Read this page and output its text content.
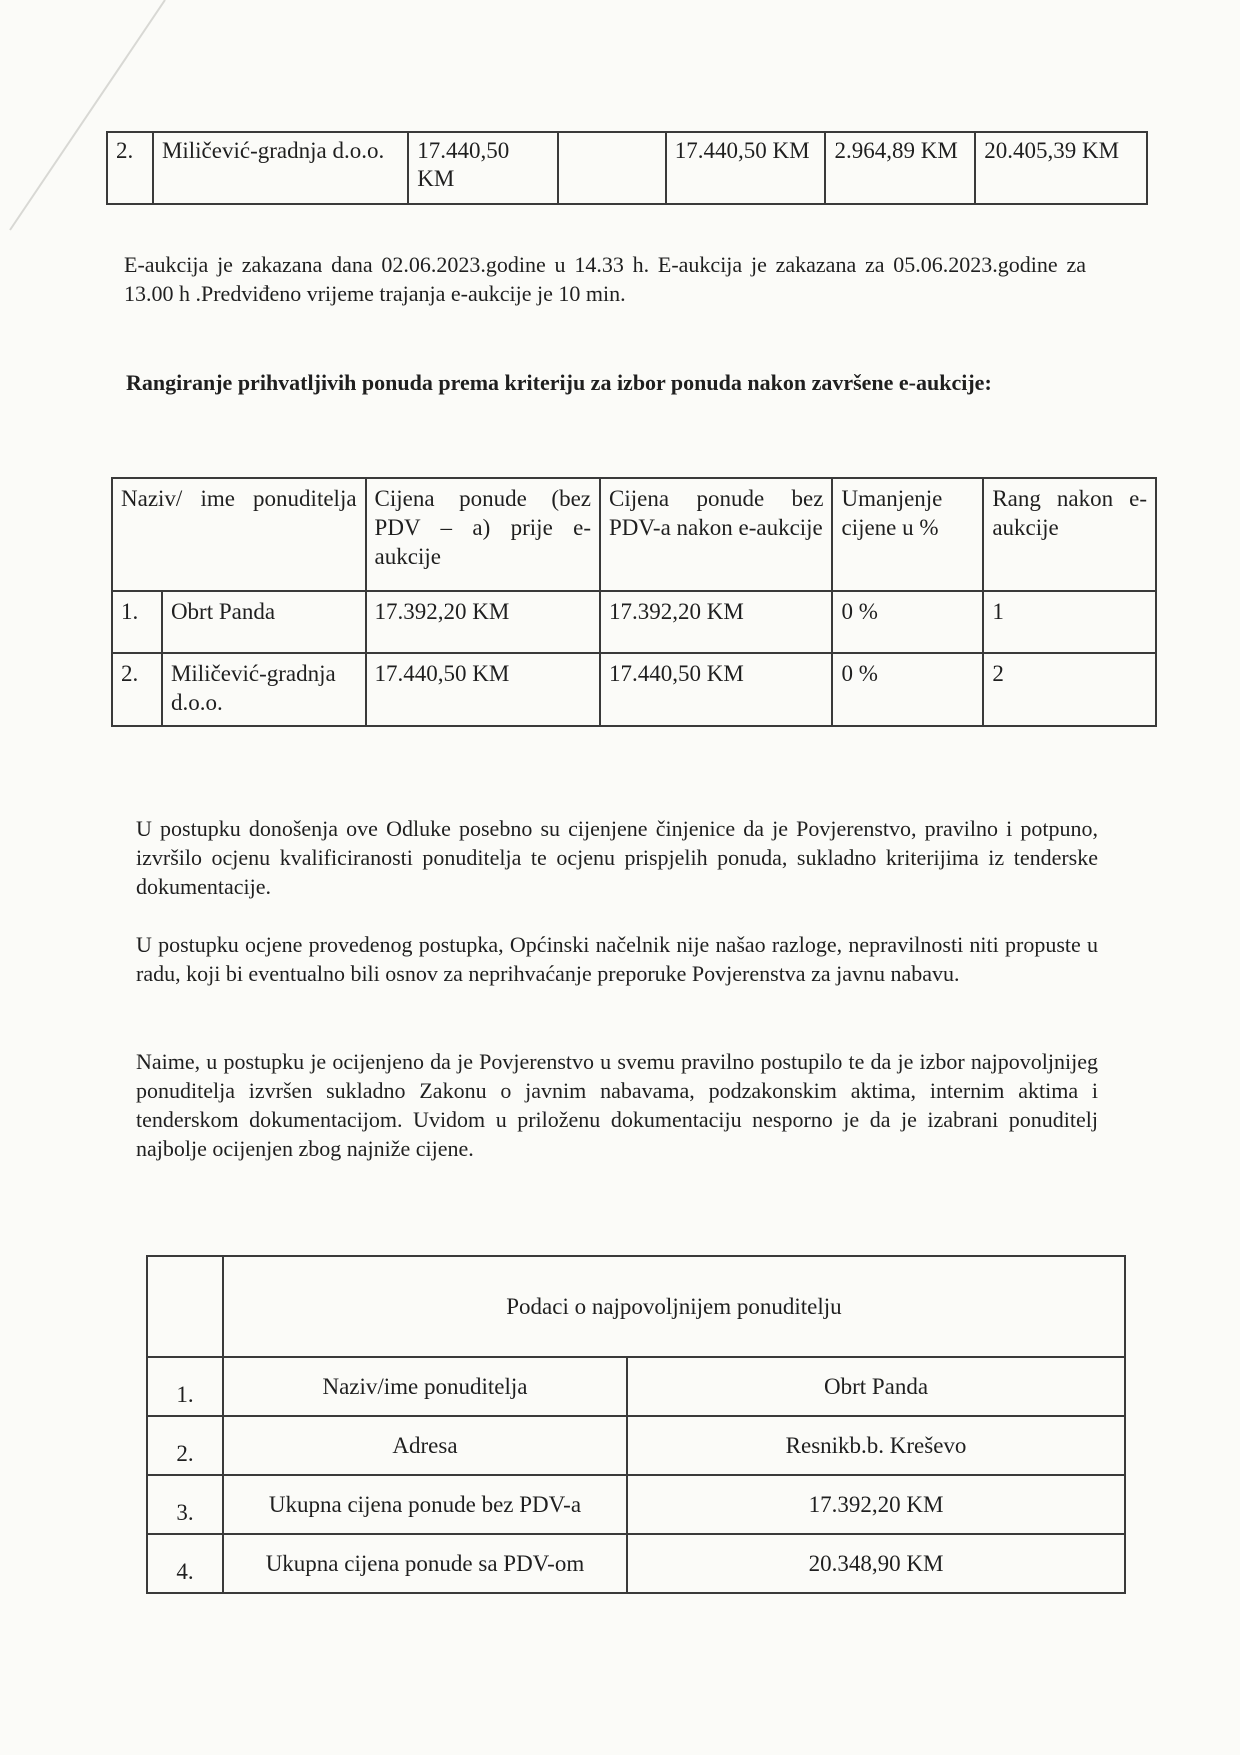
2.	Miličević-gradnja d.o.o.	17.440,50 KM		17.440,50 KM	2.964,89 KM	20.405,39 KM
E-aukcija je zakazana dana 02.06.2023.godine u 14.33 h. E-aukcija je zakazana za 05.06.2023.godine za 13.00 h .Predviđeno vrijeme trajanja e-aukcije je 10 min.
Rangiranje prihvatljivih ponuda prema kriteriju za izbor ponuda nakon završene e-aukcije:
Naziv/ ime ponuditelja		Cijena ponude (bez PDV – a) prije e-aukcije	Cijena ponude bez PDV-a nakon e-aukcije	Umanjenje cijene u %	Rang nakon e-aukcije

1.	Obrt Panda	17.392,20 KM	17.392,20 KM	0 %	1
2.	Miličević-gradnja d.o.o.	17.440,50 KM	17.440,50 KM	0 %	2
U postupku donošenja ove Odluke posebno su cijenjene činjenice da je Povjerenstvo, pravilno i potpuno, izvršilo ocjenu kvalificiranosti ponuditelja te ocjenu prispjelih ponuda, sukladno kriterijima iz tenderske dokumentacije.
U postupku ocjene provedenog postupka, Općinski načelnik nije našao razloge, nepravilnosti niti propuste u radu, koji bi eventualno bili osnov za neprihvaćanje preporuke Povjerenstva za javnu nabavu.
Naime, u postupku je ocijenjeno da je Povjerenstvo u svemu pravilno postupilo te da je izbor najpovoljnijeg ponuditelja izvršen sukladno Zakonu o javnim nabavama, podzakonskim aktima, internim aktima i tenderskom dokumentacijom. Uvidom u priloženu dokumentaciju nesporno je da je izabrani ponuditelj najbolje ocijenjen zbog najniže cijene.
	Podaci o najpovoljnijem ponuditelju	
1.	Naziv/ime ponuditelja	Obrt Panda
2.	Adresa	Resnikb.b. Kreševo
3.	Ukupna cijena ponude bez PDV-a	17.392,20 KM
4.	Ukupna cijena ponude sa PDV-om	20.348,90 KM
